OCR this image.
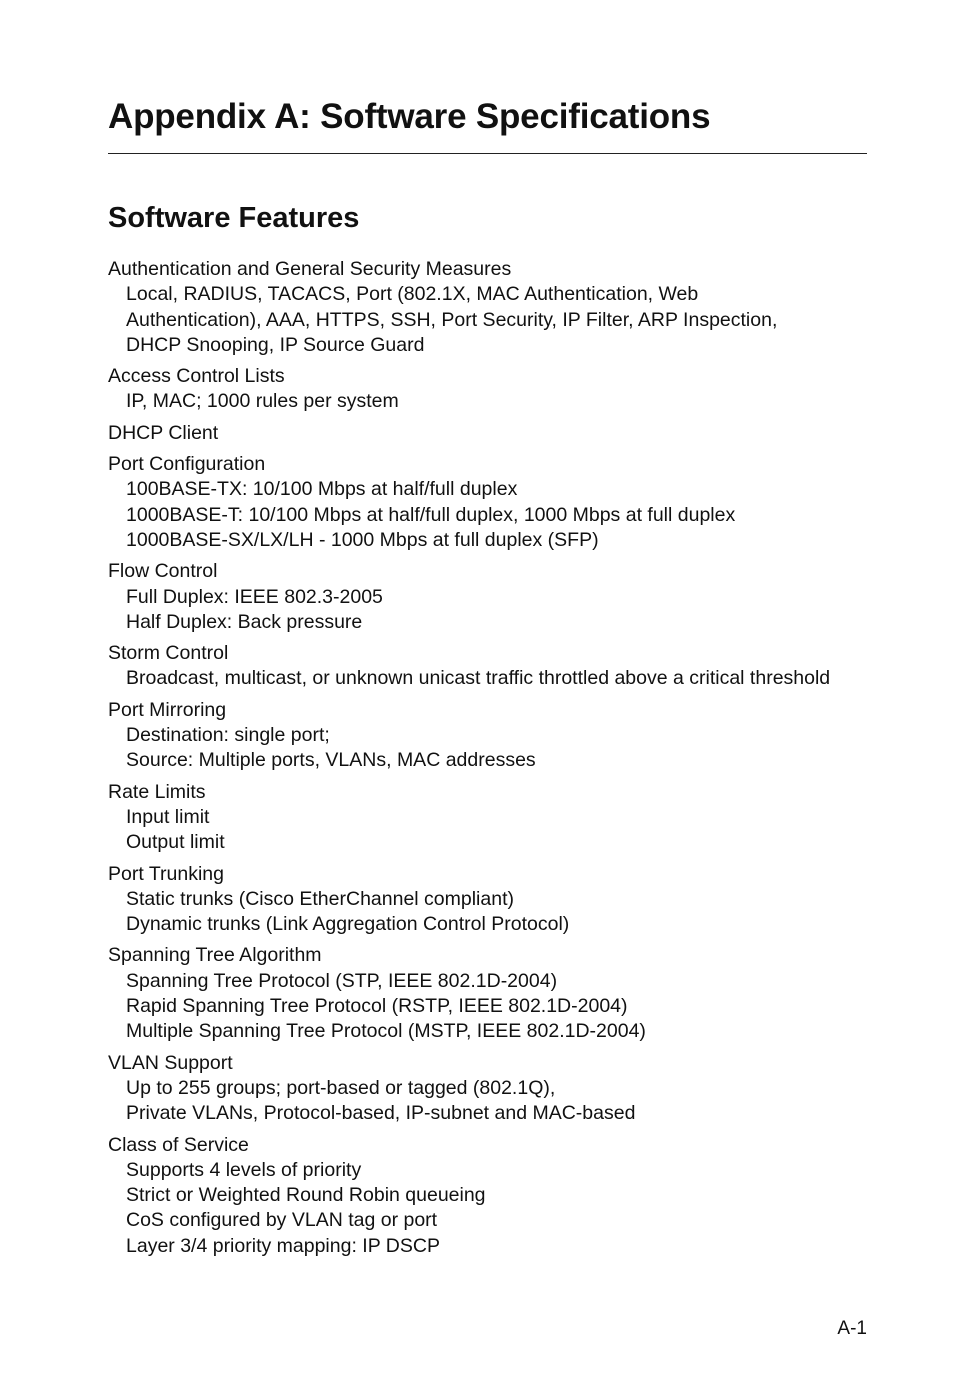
Appendix A: Software Specifications
Software Features
Authentication and General Security Measures
Local, RADIUS, TACACS, Port (802.1X, MAC Authentication, Web
Authentication), AAA, HTTPS, SSH, Port Security, IP Filter, ARP Inspection,
DHCP Snooping, IP Source Guard
Access Control Lists
IP, MAC; 1000 rules per system
DHCP Client
Port Configuration
100BASE-TX: 10/100 Mbps at half/full duplex
1000BASE-T: 10/100 Mbps at half/full duplex, 1000 Mbps at full duplex
1000BASE-SX/LX/LH - 1000 Mbps at full duplex (SFP)
Flow Control
Full Duplex: IEEE 802.3-2005
Half Duplex: Back pressure
Storm Control
Broadcast, multicast, or unknown unicast traffic throttled above a critical threshold
Port Mirroring
Destination: single port;
Source: Multiple ports, VLANs, MAC addresses
Rate Limits
Input limit
Output limit
Port Trunking
Static trunks (Cisco EtherChannel compliant)
Dynamic trunks (Link Aggregation Control Protocol)
Spanning Tree Algorithm
Spanning Tree Protocol (STP, IEEE 802.1D-2004)
Rapid Spanning Tree Protocol (RSTP, IEEE 802.1D-2004)
Multiple Spanning Tree Protocol (MSTP, IEEE 802.1D-2004)
VLAN Support
Up to 255 groups; port-based or tagged (802.1Q),
Private VLANs, Protocol-based, IP-subnet and MAC-based
Class of Service
Supports 4 levels of priority
Strict or Weighted Round Robin queueing
CoS configured by VLAN tag or port
Layer 3/4 priority mapping: IP DSCP
A-1
